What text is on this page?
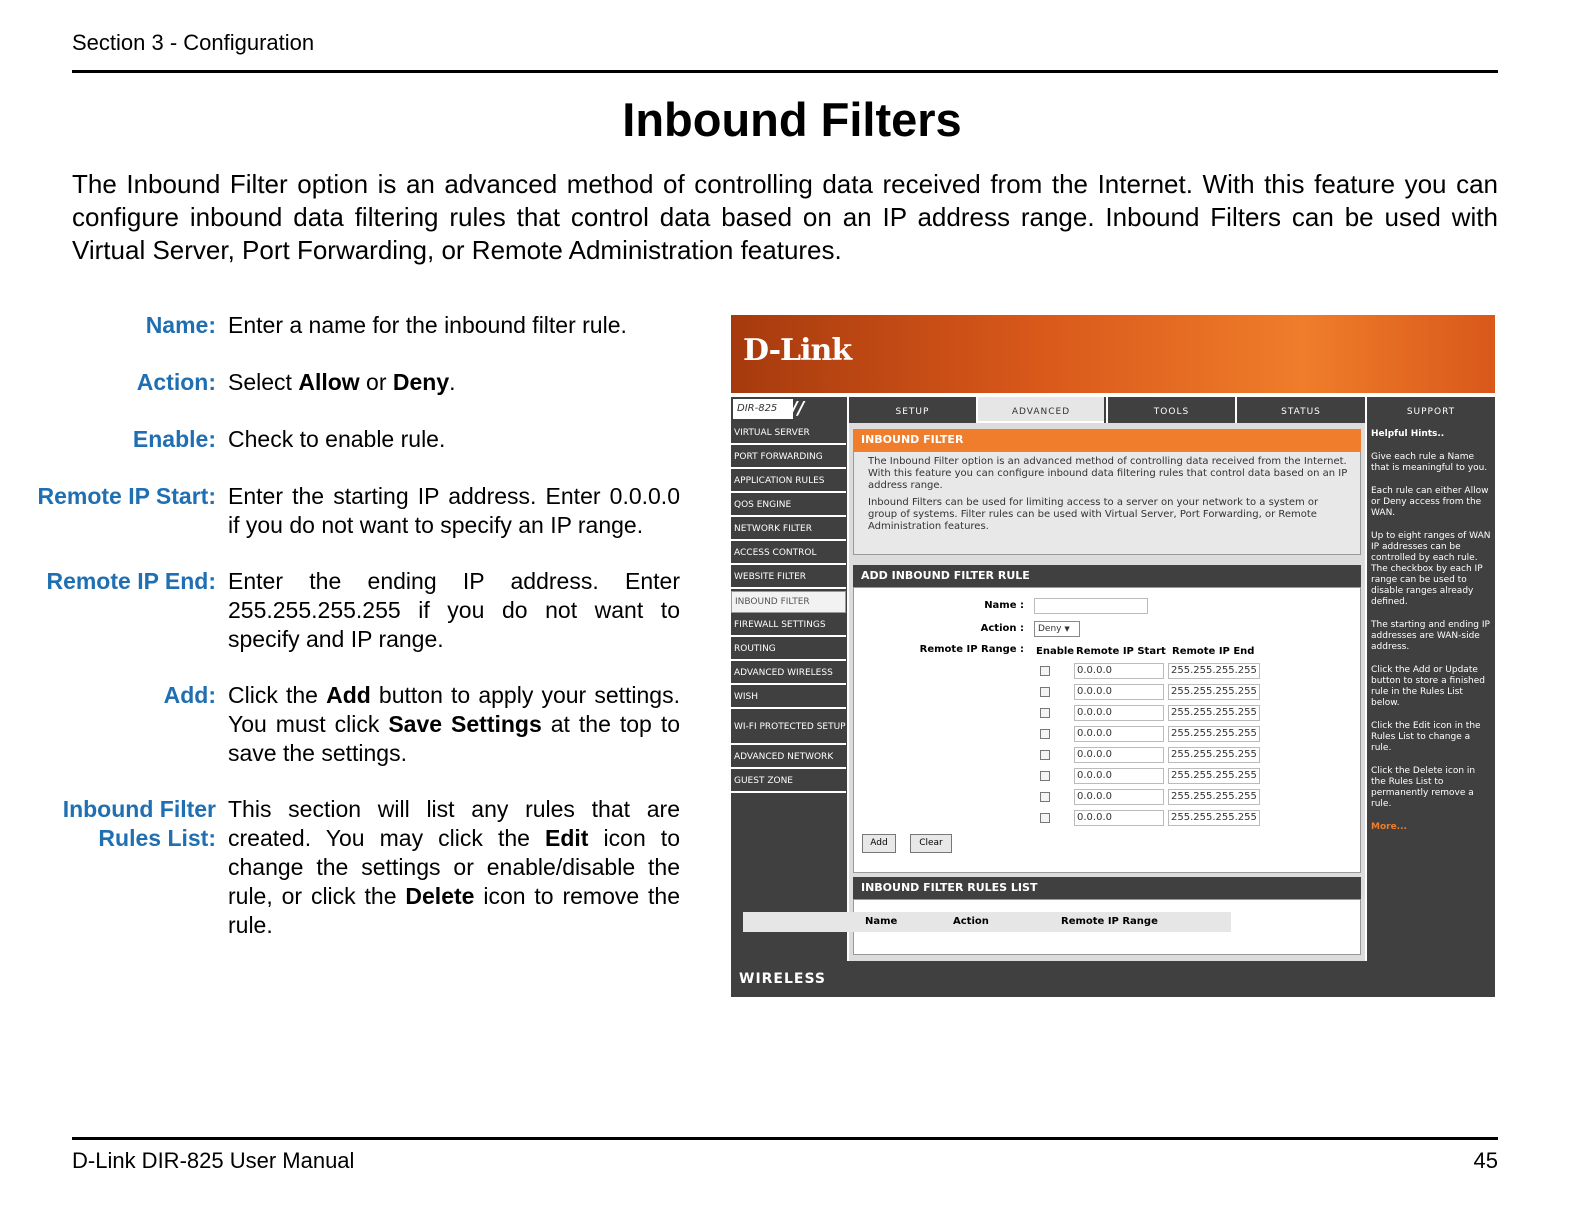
Section 3 - Configuration
Inbound Filters

The Inbound Filter option is an advanced method of controlling data received from the Internet. With this feature you can configure inbound data filtering rules that control data based on an IP address range. Inbound Filters can be used with Virtual Server, Port Forwarding, or Remote Administration features.

Name: Enter a name for the inbound filter rule.
Action: Select Allow or Deny.
Enable: Check to enable rule.
Remote IP Start: Enter the starting IP address. Enter 0.0.0.0 if you do not want to specify an IP range.
Remote IP End: Enter the ending IP address. Enter 255.255.255.255 if you do not want to specify and IP range.
Add: Click the Add button to apply your settings. You must click Save Settings at the top to save the settings.
Inbound Filter
Rules List:
This section will list any rules that are created. You may click the Edit icon to change the settings or enable/disable the rule, or click the Delete icon to remove the rule.
D-Link
DIR-825 //	SETUP	ADVANCED	TOOLS	STATUS	SUPPORT
VIRTUAL SERVER
PORT FORWARDING
APPLICATION RULES
QOS ENGINE
NETWORK FILTER
ACCESS CONTROL
WEBSITE FILTER
INBOUND FILTER
FIREWALL SETTINGS
ROUTING
ADVANCED WIRELESS
WISH
WI-FI PROTECTED SETUP
ADVANCED NETWORK
GUEST ZONE
INBOUND FILTER

The Inbound Filter option is an advanced method of controlling data received from the Internet. With this feature you can configure inbound data filtering rules that control data based on an IP address range.

Inbound Filters can be used for limiting access to a server on your network to a system or group of systems. Filter rules can be used with Virtual Server, Port Forwarding, or Remote Administration features.

ADD INBOUND FILTER RULE
Name :
Action :	Deny ▼
Remote IP Range : Enable Remote IP Start Remote IP End
0.0.0.0	255.255.255.255
0.0.0.0	255.255.255.255
0.0.0.0	255.255.255.255
0.0.0.0	255.255.255.255
0.0.0.0	255.255.255.255
0.0.0.0	255.255.255.255
0.0.0.0	255.255.255.255
0.0.0.0	255.255.255.255
Add	Clear
INBOUND FILTER RULES LIST
Name	Action	Remote IP Range
Helpful Hints..

Give each rule a Name that is meaningful to you.

Each rule can either Allow or Deny access from the WAN.

Up to eight ranges of WAN IP addresses can be controlled by each rule. The checkbox by each IP range can be used to disable ranges already defined.

The starting and ending IP addresses are WAN-side address.

Click the Add or Update button to store a finished rule in the Rules List below.

Click the Edit icon in the Rules List to change a rule.

Click the Delete icon in the Rules List to permanently remove a rule.

More...
WIRELESS
D-Link DIR-825 User Manual	45
